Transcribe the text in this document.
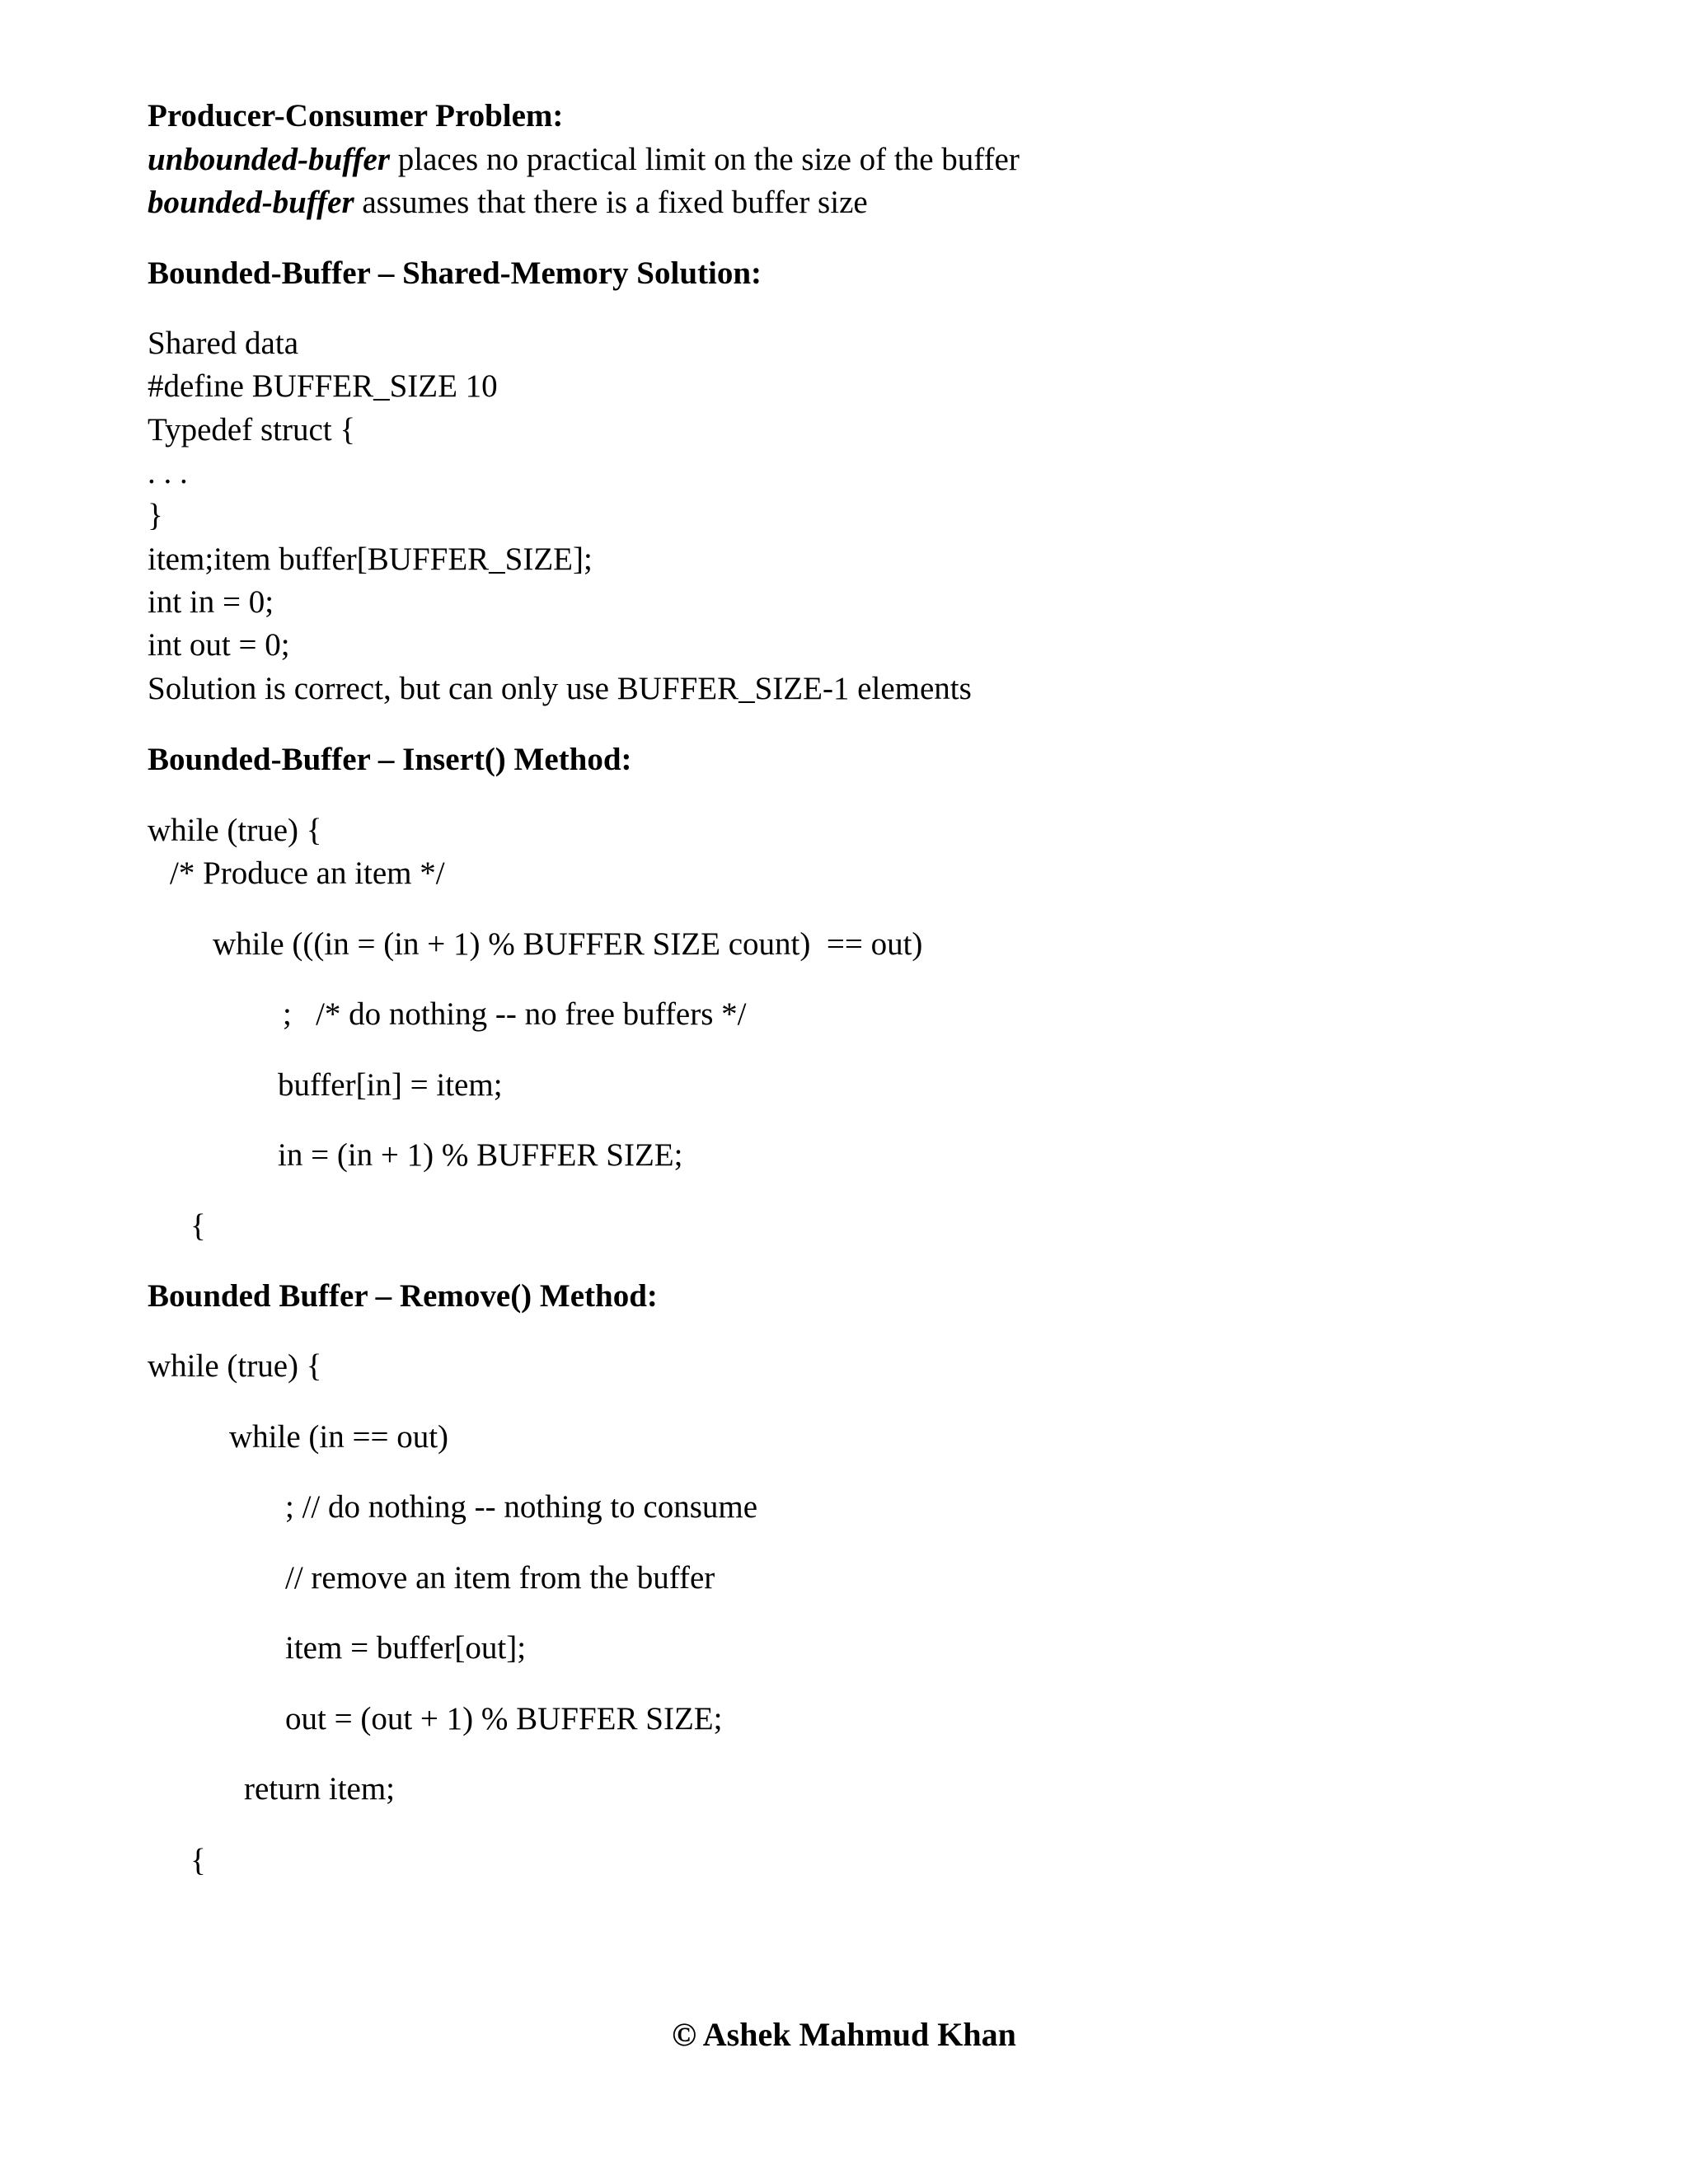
Producer-Consumer Problem:
unbounded-buffer places no practical limit on the size of the buffer
bounded-buffer assumes that there is a fixed buffer size
Bounded-Buffer – Shared-Memory Solution:
Shared data
#define BUFFER_SIZE 10
Typedef struct {
. . .
}
item;item buffer[BUFFER_SIZE];
int in = 0;
int out = 0;
Solution is correct, but can only use BUFFER_SIZE-1 elements
Bounded-Buffer – Insert() Method:
while (true) {
/* Produce an item */
while (((in = (in + 1) % BUFFER SIZE count)  == out)
;   /* do nothing -- no free buffers */
buffer[in] = item;
in = (in + 1) % BUFFER SIZE;
{
Bounded Buffer – Remove() Method:
while (true) {
while (in == out)
; // do nothing -- nothing to consume
// remove an item from the buffer
item = buffer[out];
out = (out + 1) % BUFFER SIZE;
return item;
{
© Ashek Mahmud Khan
